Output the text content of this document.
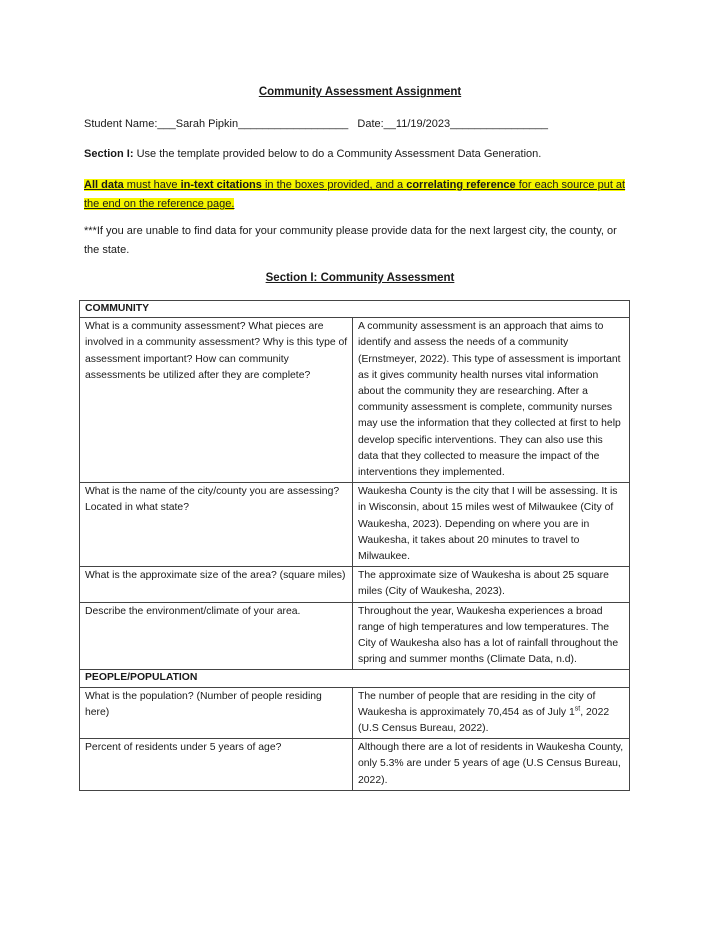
Community Assessment Assignment
Student Name:___Sarah Pipkin__________________ Date:__11/19/2023________________
Section I: Use the template provided below to do a Community Assessment Data Generation.
All data must have in-text citations in the boxes provided, and a correlating reference for each source put at the end on the reference page.
***If you are unable to find data for your community please provide data for the next largest city, the county, or the state.
Section I: Community Assessment
COMMUNITY	
What is a community assessment? What pieces are involved in a community assessment? Why is this type of assessment important? How can community assessments be utilized after they are complete?	A community assessment is an approach that aims to identify and assess the needs of a community (Ernstmeyer, 2022). This type of assessment is important as it gives community health nurses vital information about the community they are researching. After a community assessment is complete, community nurses may use the information that they collected at first to help develop specific interventions. They can also use this data that they collected to measure the impact of the interventions they implemented.
What is the name of the city/county you are assessing? Located in what state?	Waukesha County is the city that I will be assessing. It is in Wisconsin, about 15 miles west of Milwaukee (City of Waukesha, 2023). Depending on where you are in Waukesha, it takes about 20 minutes to travel to Milwaukee.
What is the approximate size of the area? (square miles)	The approximate size of Waukesha is about 25 square miles (City of Waukesha, 2023).
Describe the environment/climate of your area.	Throughout the year, Waukesha experiences a broad range of high temperatures and low temperatures. The City of Waukesha also has a lot of rainfall throughout the spring and summer months (Climate Data, n.d).
PEOPLE/POPULATION	
What is the population? (Number of people residing here)	The number of people that are residing in the city of Waukesha is approximately 70,454 as of July 1st, 2022 (U.S Census Bureau, 2022).
Percent of residents under 5 years of age?	Although there are a lot of residents in Waukesha County, only 5.3% are under 5 years of age (U.S Census Bureau, 2022).
